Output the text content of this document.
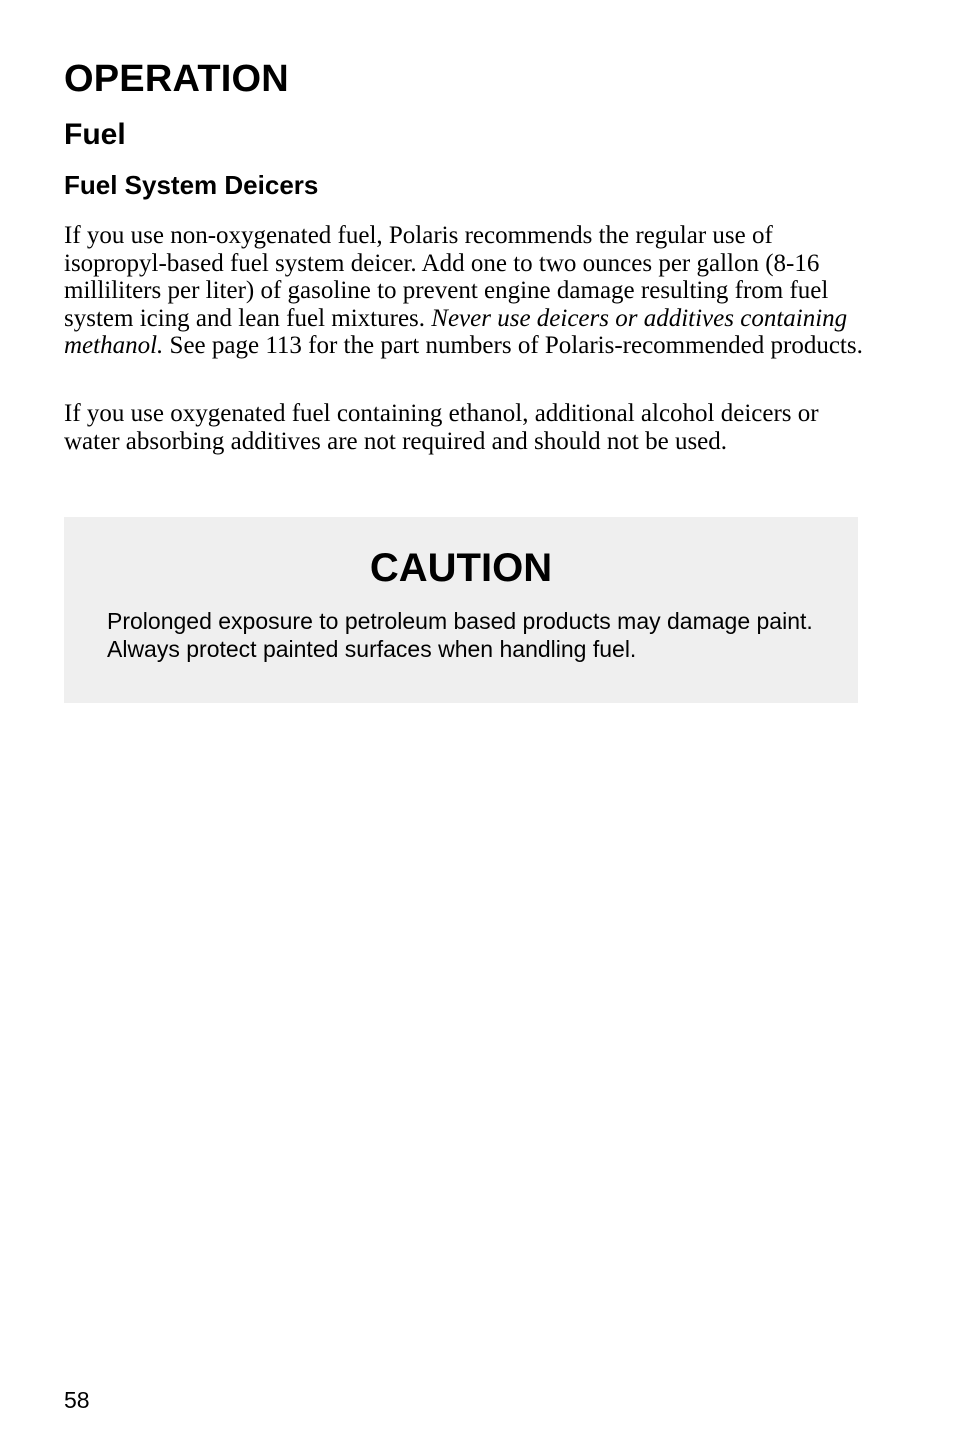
OPERATION
Fuel
Fuel System Deicers

If you use non-oxygenated fuel, Polaris recommends the regular use of isopropyl-based fuel system deicer. Add one to two ounces per gallon (8-16 milliliters per liter) of gasoline to prevent engine damage resulting from fuel system icing and lean fuel mixtures. Never use deicers or additives containing methanol. See page 113 for the part numbers of Polaris-recommended products.

If you use oxygenated fuel containing ethanol, additional alcohol deicers or water absorbing additives are not required and should not be used.

CAUTION

Prolonged exposure to petroleum based products may damage paint. Always protect painted surfaces when handling fuel.

58
